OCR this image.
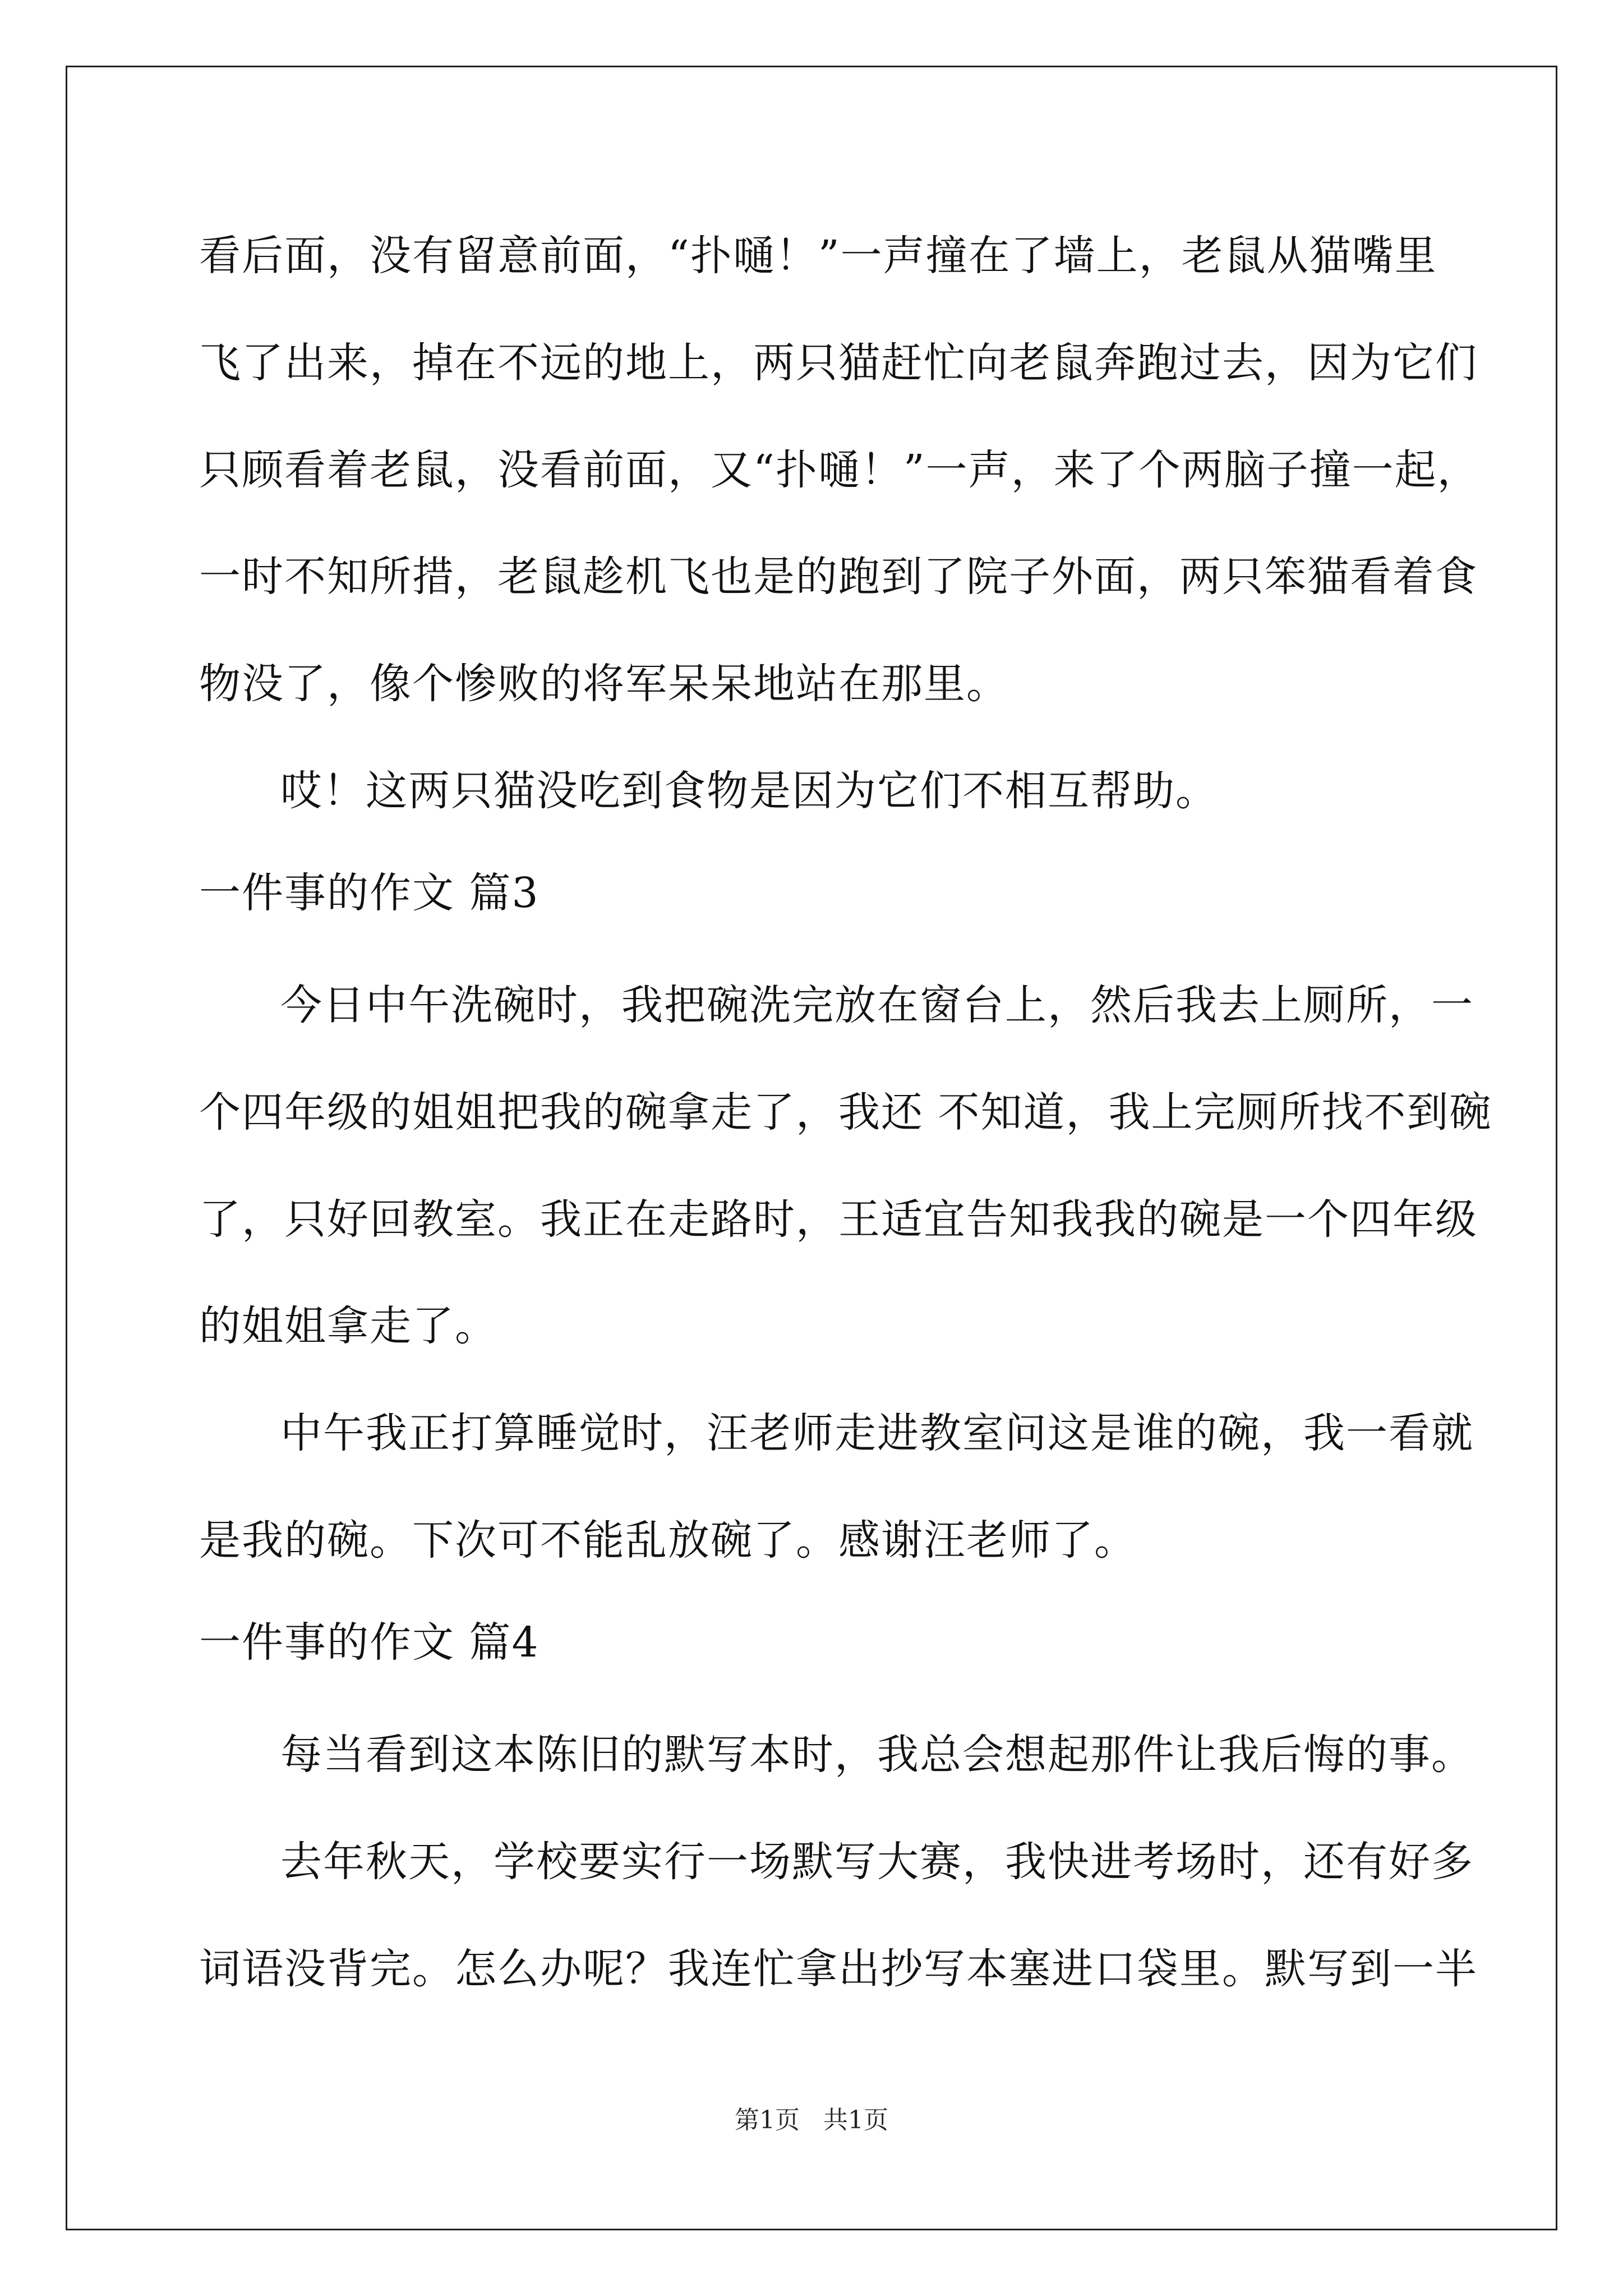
看后面，没有留意前面，“扑嗵！”一声撞在了墙上，老鼠从猫嘴里
飞了出来，掉在不远的地上，两只猫赶忙向老鼠奔跑过去，因为它们
只顾看着老鼠，没看前面，又“扑嗵！”一声，来了个两脑子撞一起，
一时不知所措，老鼠趁机飞也是的跑到了院子外面，两只笨猫看着食
物没了，像个惨败的将军呆呆地站在那里。
哎！这两只猫没吃到食物是因为它们不相互帮助。
一件事的作文 篇3
今日中午洗碗时，我把碗洗完放在窗台上，然后我去上厕所，一
个四年级的姐姐把我的碗拿走了，我还 不知道，我上完厕所找不到碗
了，只好回教室。我正在走路时，王适宜告知我我的碗是一个四年级
的姐姐拿走了。
中午我正打算睡觉时，汪老师走进教室问这是谁的碗，我一看就
是我的碗。下次可不能乱放碗了。感谢汪老师了。
一件事的作文 篇4
每当看到这本陈旧的默写本时，我总会想起那件让我后悔的事。
去年秋天，学校要实行一场默写大赛，我快进考场时，还有好多
词语没背完。怎么办呢？我连忙拿出抄写本塞进口袋里。默写到一半
第1页   共1页
